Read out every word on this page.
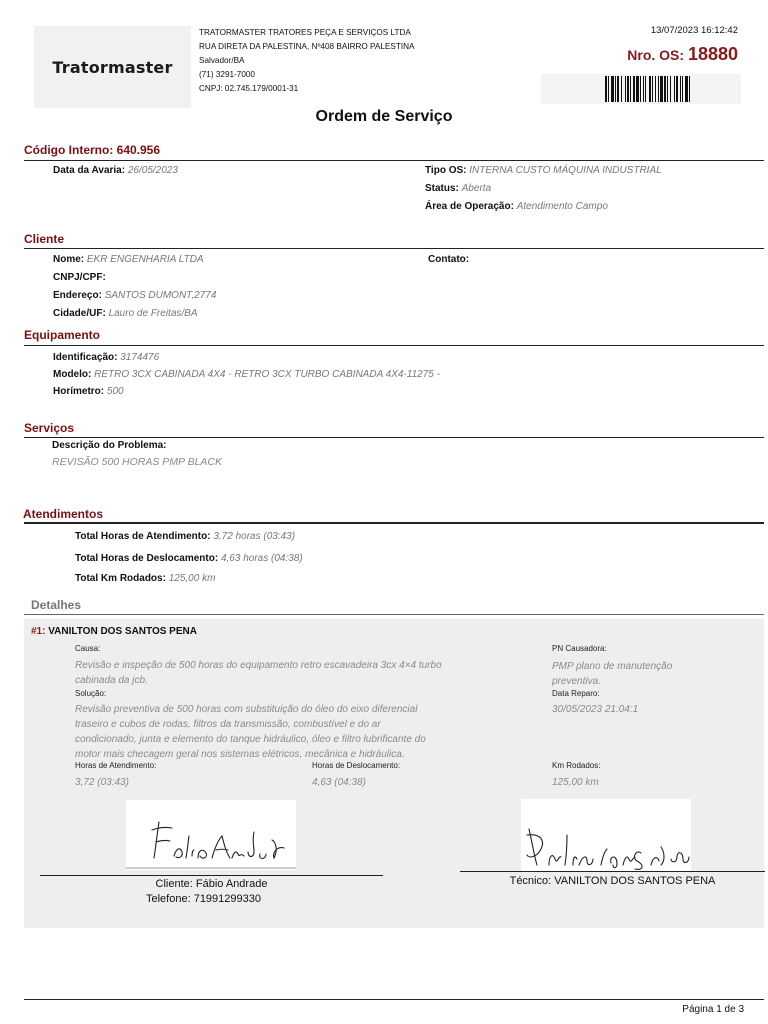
Tratormaster
TRATORMASTER TRATORES PEÇA E SERVIÇOS LTDA
RUA DIRETA DA PALESTINA, Nº408 BAIRRO PALESTINA
Salvador/BA
(71) 3291-7000
CNPJ: 02.745.179/0001-31
13/07/2023 16:12:42
Nro. OS: 18880
Ordem de Serviço
Código Interno: 640.956
Data da Avaria: 26/05/2023	Tipo OS: INTERNA CUSTO MÁQUINA INDUSTRIAL
Status: Aberta
Área de Operação: Atendimento Campo
Cliente
Nome: EKR ENGENHARIA LTDA	Contato:
CNPJ/CPF:
Endereço: SANTOS DUMONT,2774
Cidade/UF: Lauro de Freitas/BA
Equipamento
Identificação: 3174476
Modelo: RETRO 3CX CABINADA 4X4 - RETRO 3CX TURBO CABINADA 4X4-11275 -
Horímetro: 500
Serviços
Descrição do Problema:
REVISÃO 500 HORAS PMP BLACK
Atendimentos
Total Horas de Atendimento: 3,72 horas (03:43)
Total Horas de Deslocamento: 4,63 horas (04:38)
Total Km Rodados: 125,00 km
Detalhes
#1: VANILTON DOS SANTOS PENA
Causa:
Revisão e inspeção de 500 horas do equipamento retro escavadeira 3cx 4×4 turbo
cabinada da jcb.
PN Causadora:
PMP plano de manutenção
preventiva.
Solução:
Revisão preventiva de 500 horas com substituição do óleo do eixo diferencial
traseiro e cubos de rodas, filtros da transmissão, combustível e do ar
condicionado, junta e elemento do tanque hidráulico, óleo e filtro lubrificante do
motor mais checagem geral nos sistemas elétricos, mecânica e hidráulica.
Data Reparo:
30/05/2023 21:04:1
Horas de Atendimento:
3,72 (03:43)
Horas de Deslocamento:
4,63 (04:38)
Km Rodados:
125,00 km
Cliente: Fábio Andrade
Telefone: 71991299330
Técnico: VANILTON DOS SANTOS PENA
Página 1 de 3
